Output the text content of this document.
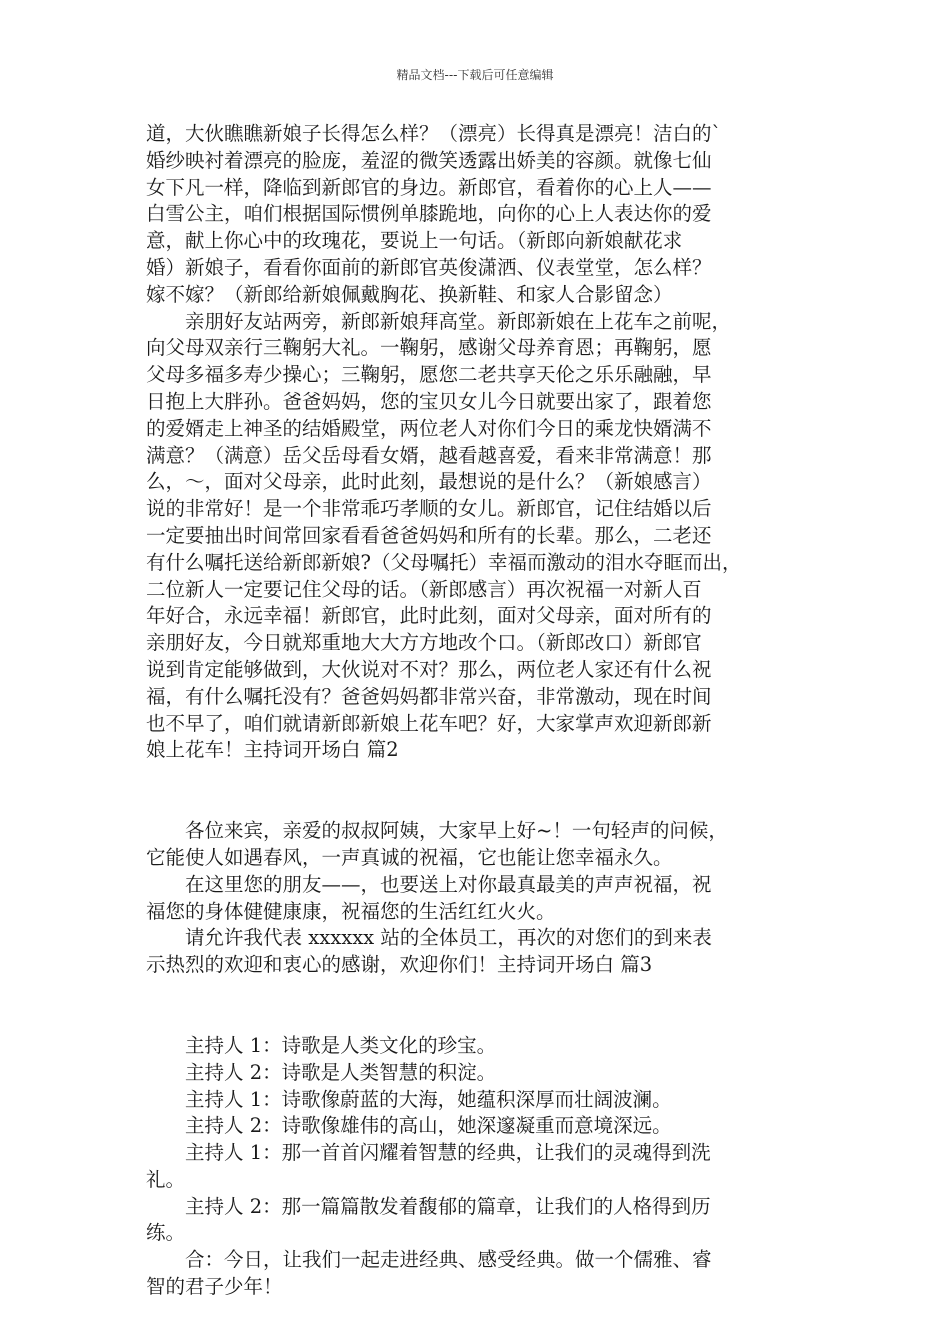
精品文档---下载后可任意编辑
道，大伙瞧瞧新娘子长得怎么样？（漂亮）长得真是漂亮！洁白的`
婚纱映衬着漂亮的脸庞，羞涩的微笑透露出娇美的容颜。就像七仙
女下凡一样，降临到新郎官的身边。新郎官，看着你的心上人——
白雪公主，咱们根据国际惯例单膝跪地，向你的心上人表达你的爱
意，献上你心中的玫瑰花，要说上一句话。（新郎向新娘献花求
婚）新娘子，看看你面前的新郎官英俊潇洒、仪表堂堂，怎么样？
嫁不嫁？（新郎给新娘佩戴胸花、换新鞋、和家人合影留念）
亲朋好友站两旁，新郎新娘拜高堂。新郎新娘在上花车之前呢，
向父母双亲行三鞠躬大礼。一鞠躬，感谢父母养育恩；再鞠躬，愿
父母多福多寿少操心；三鞠躬，愿您二老共享天伦之乐乐融融，早
日抱上大胖孙。爸爸妈妈，您的宝贝女儿今日就要出家了，跟着您
的爱婿走上神圣的结婚殿堂，两位老人对你们今日的乘龙快婿满不
满意？（满意）岳父岳母看女婿，越看越喜爱，看来非常满意！那
么，～，面对父母亲，此时此刻，最想说的是什么？（新娘感言）
说的非常好！是一个非常乖巧孝顺的女儿。新郎官，记住结婚以后
一定要抽出时间常回家看看爸爸妈妈和所有的长辈。那么，二老还
有什么嘱托送给新郎新娘?（父母嘱托）幸福而激动的泪水夺眶而出，
二位新人一定要记住父母的话。（新郎感言）再次祝福一对新人百
年好合，永远幸福！新郎官，此时此刻，面对父母亲，面对所有的
亲朋好友，今日就郑重地大大方方地改个口。（新郎改口）新郎官
说到肯定能够做到，大伙说对不对？那么，两位老人家还有什么祝
福，有什么嘱托没有？爸爸妈妈都非常兴奋，非常激动，现在时间
也不早了，咱们就请新郎新娘上花车吧？好，大家掌声欢迎新郎新
娘上花车！主持词开场白 篇2
各位来宾，亲爱的叔叔阿姨，大家早上好~！一句轻声的问候，
它能使人如遇春风，一声真诚的祝福，它也能让您幸福永久。
在这里您的朋友——，也要送上对你最真最美的声声祝福，祝
福您的身体健健康康，祝福您的生活红红火火。
请允许我代表 xxxxxx 站的全体员工，再次的对您们的到来表
示热烈的欢迎和衷心的感谢，欢迎你们！主持词开场白 篇3
主持人 1：诗歌是人类文化的珍宝。
主持人 2：诗歌是人类智慧的积淀。
主持人 1：诗歌像蔚蓝的大海，她蕴积深厚而壮阔波澜。
主持人 2：诗歌像雄伟的高山，她深邃凝重而意境深远。
主持人 1：那一首首闪耀着智慧的经典，让我们的灵魂得到洗
礼。
主持人 2：那一篇篇散发着馥郁的篇章，让我们的人格得到历
练。
合：今日，让我们一起走进经典、感受经典。做一个儒雅、睿
智的君子少年！
